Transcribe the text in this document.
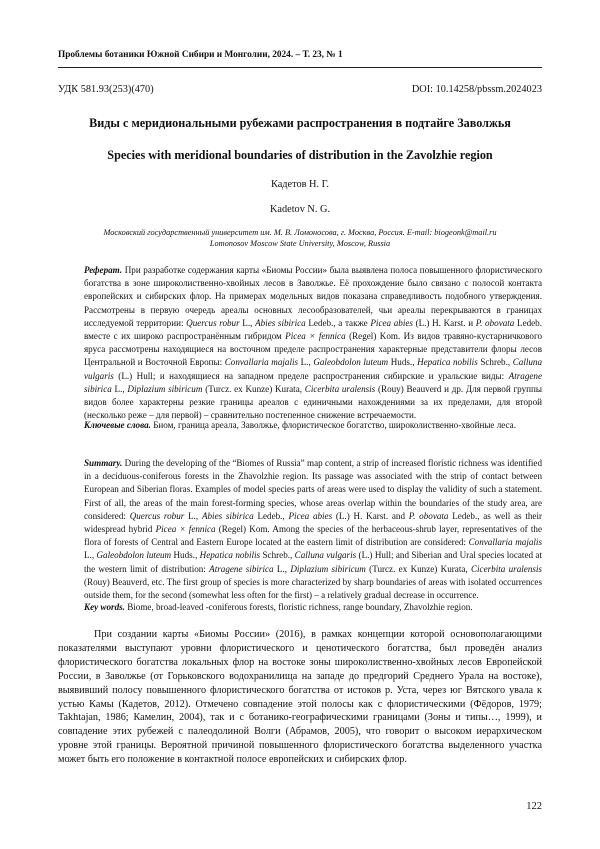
Проблемы ботаники Южной Сибири и Монголии, 2024. – Т. 23, № 1
УДК 581.93(253)(470)	DOI: 10.14258/pbssm.2024023
Виды с меридиональными рубежами распространения в подтайге Заволжья
Species with meridional boundaries of distribution in the Zavolzhie region
Кадетов Н. Г.
Kadetov N. G.
Московский государственный университет им. М. В. Ломоносова, г. Москва, Россия. E-mail: biogeonk@mail.ru
Lomonosov Moscow State University, Moscow, Russia
Реферат. При разработке содержания карты «Биомы России» была выявлена полоса повышенного флористического богатства в зоне широколиственно-хвойных лесов в Заволжье. Её прохождение было связано с полосой контакта европейских и сибирских флор. На примерах модельных видов показана справедливость подобного утверждения. Рассмотрены в первую очередь ареалы основных лесообразователей, чьи ареалы перекрываются в границах исследуемой территории: Quercus robur L., Abies sibirica Ledeb., а также Picea abies (L.) H. Karst. и P. obovata Ledeb. вместе с их широко распространённым гибридом Picea × fennica (Regel) Kom. Из видов травяно-кустарничкового яруса рассмотрены находящиеся на восточном пределе распространения характерные представители флоры лесов Центральной и Восточной Европы: Convallaria majalis L., Galeobdolon luteum Huds., Hepatica nobilis Schreb., Calluna vulgaris (L.) Hull; и находящиеся на западном пределе распространения сибирские и уральские виды: Atragene sibirica L., Diplazium sibiricum (Turcz. ex Kunze) Kurata, Cicerbita uralensis (Rouy) Beauverd и др. Для первой группы видов более характерны резкие границы ареалов с единичными нахождениями за их пределами, для второй (несколько реже – для первой) – сравнительно постепенное снижение встречаемости.
Ключевые слова. Биом, граница ареала, Заволжье, флористическое богатство, широколиственно-хвойные леса.
Summary. During the developing of the “Biomes of Russia” map content, a strip of increased floristic richness was identified in a deciduous-coniferous forests in the Zhavolzhie region. Its passage was associated with the strip of contact between European and Siberian floras. Examples of model species parts of areas were used to display the validity of such a statement. First of all, the areas of the main forest-forming species, whose areas overlap within the boundaries of the study area, are considered: Quercus robur L., Abies sibirica Ledeb., Picea abies (L.) H. Karst. and P. obovata Ledeb., as well as their widespread hybrid Picea × fennica (Regel) Kom. Among the species of the herbaceous-shrub layer, representatives of the flora of forests of Central and Eastern Europe located at the eastern limit of distribution are considered: Convallaria majalis L., Galeobdolon luteum Huds., Hepatica nobilis Schreb., Calluna vulgaris (L.) Hull; and Siberian and Ural species located at the western limit of distribution: Atragene sibirica L., Diplazium sibiricum (Turcz. ex Kunze) Kurata, Cicerbita uralensis (Rouy) Beauverd, etc. The first group of species is more characterized by sharp boundaries of areas with isolated occurrences outside them, for the second (somewhat less often for the first) – a relatively gradual decrease in occurrence.
Key words. Biome, broad-leaved -coniferous forests, floristic richness, range boundary, Zhavolzhie region.
При создании карты «Биомы России» (2016), в рамках концепции которой основополагающими показателями выступают уровни флористического и ценотического богатства, был проведён анализ флористического богатства локальных флор на востоке зоны широколиственно-хвойных лесов Европейской России, в Заволжье (от Горьковского водохранилища на западе до предгорий Среднего Урала на востоке), выявивший полосу повышенного флористического богатства от истоков р. Уста, через юг Вятского увала к устью Камы (Кадетов, 2012). Отмечено совпадение этой полосы как с флористическими (Фёдоров, 1979; Takhtajan, 1986; Камелин, 2004), так и с ботанико-географическими границами (Зоны и типы…, 1999), и совпадение этих рубежей с палеодолиной Волги (Абрамов, 2005), что говорит о высоком иерархическом уровне этой границы. Вероятной причиной повышенного флористического богатства выделенного участка может быть его положение в контактной полосе европейских и сибирских флор.
122
